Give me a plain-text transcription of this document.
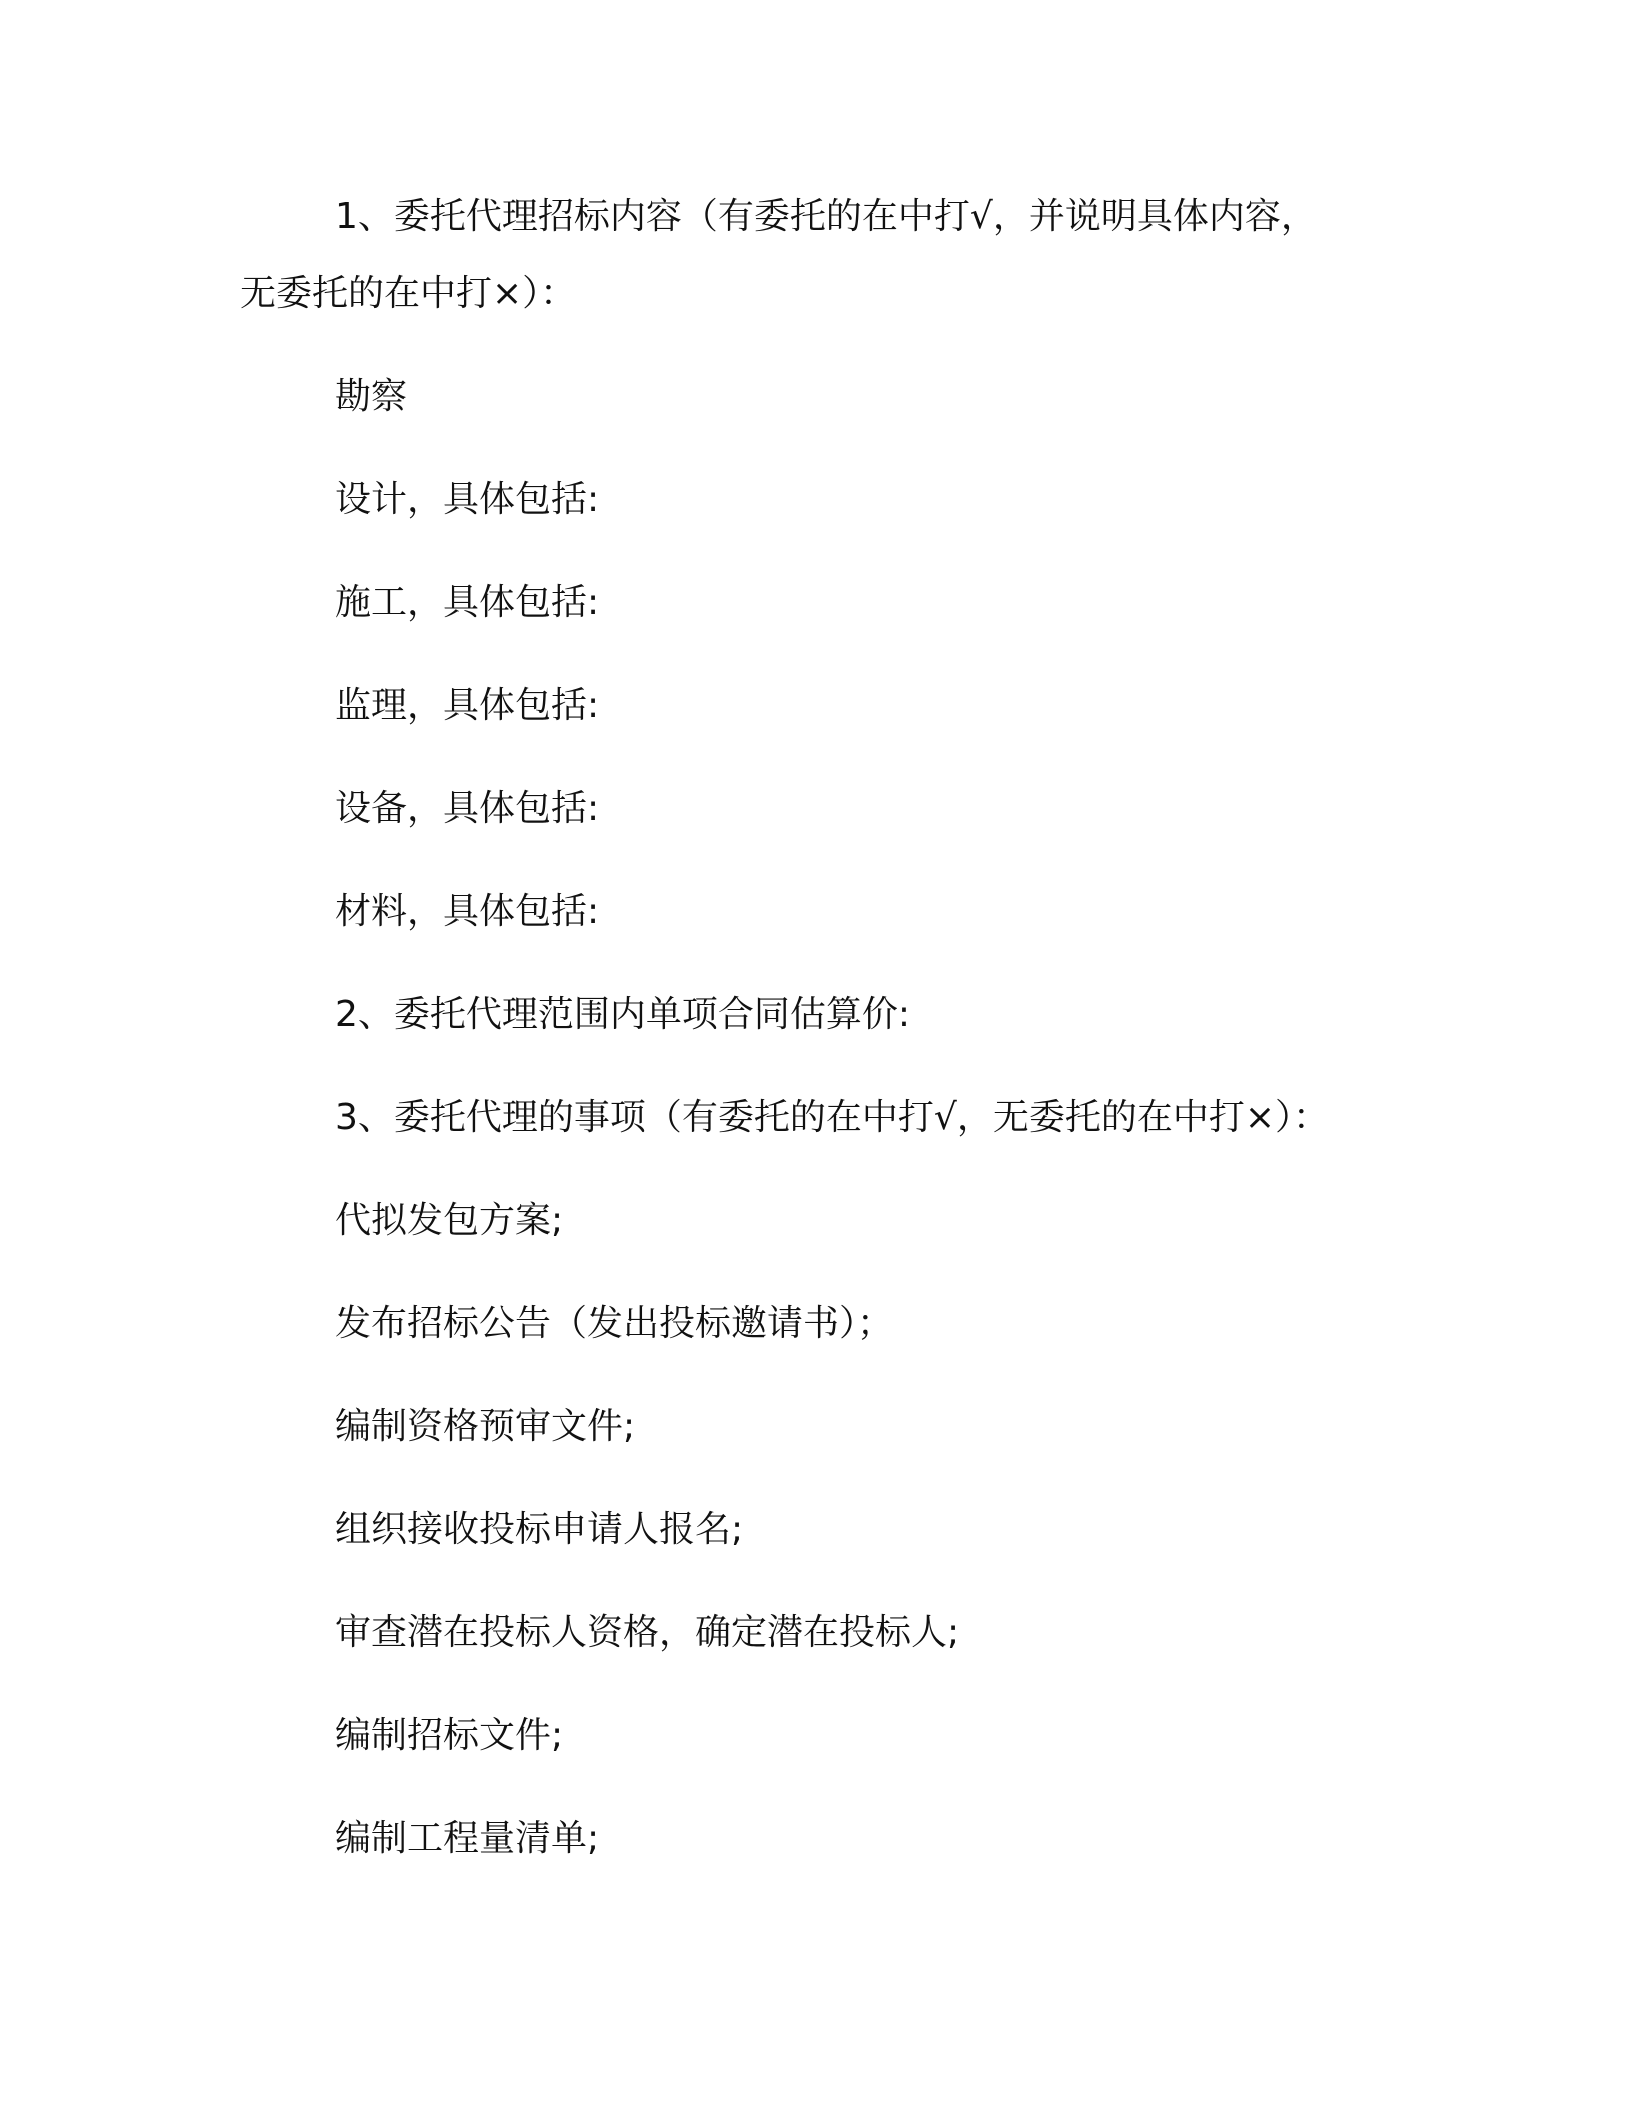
1、委托代理招标内容（有委托的在中打√，并说明具体内容，
无委托的在中打×）：
勘察
设计，具体包括:
施工，具体包括:
监理，具体包括:
设备，具体包括:
材料，具体包括:
2、委托代理范围内单项合同估算价:
3、委托代理的事项（有委托的在中打√，无委托的在中打×）：
代拟发包方案;
发布招标公告（发出投标邀请书）；
编制资格预审文件;
组织接收投标申请人报名;
审查潜在投标人资格，确定潜在投标人;
编制招标文件;
编制工程量清单;
